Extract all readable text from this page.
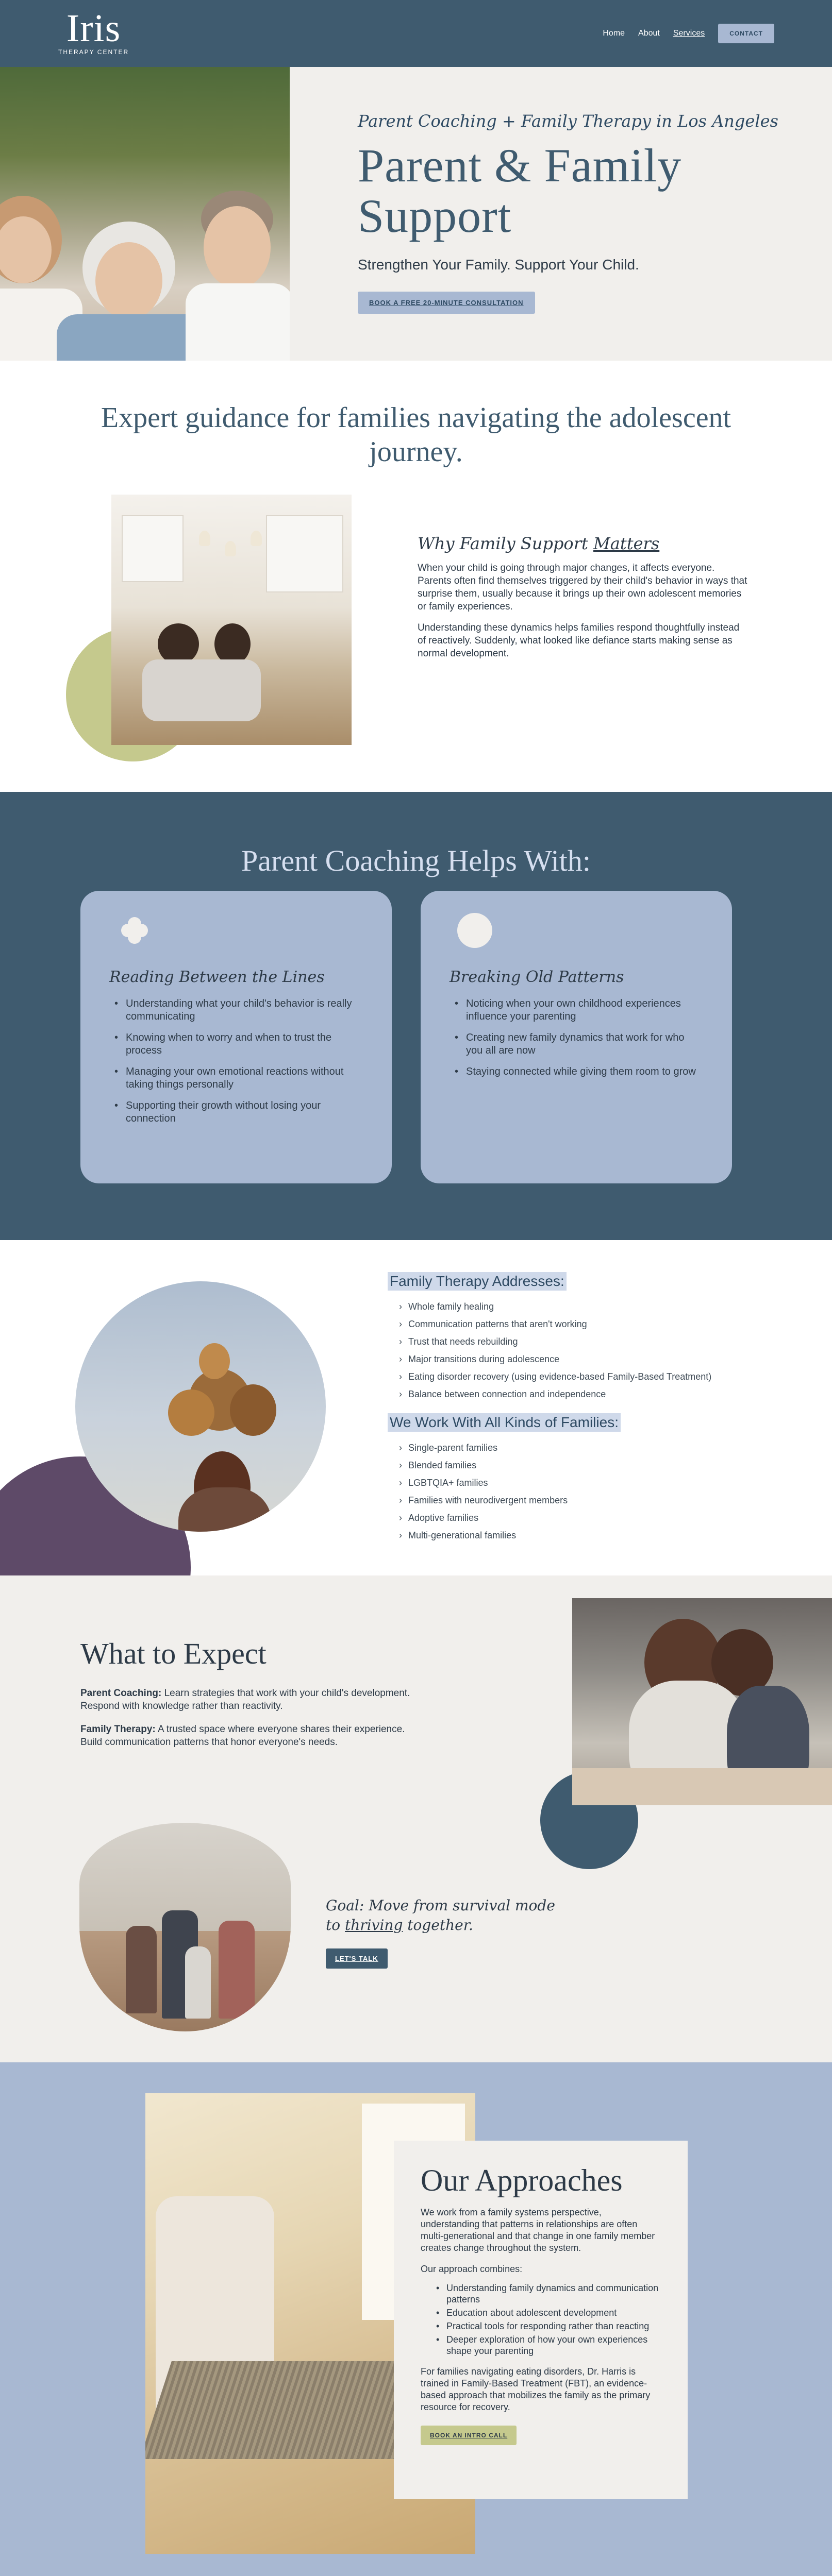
Iris
THERAPY CENTER
Home About Services	CONTACT
Parent Coaching + Family Therapy in Los Angeles
Parent & Family Support
Strengthen Your Family. Support Your Child.
BOOK A FREE 20-MINUTE CONSULTATION
Expert guidance for families navigating the adolescent journey.
Why Family Support Matters

When your child is going through major changes, it affects everyone. Parents often find themselves triggered by their child's behavior in ways that surprise them, usually because it brings up their own adolescent memories or family experiences.

Understanding these dynamics helps families respond thoughtfully instead of reactively. Suddenly, what looked like defiance starts making sense as normal development.

Parent Coaching Helps With:
Reading Between the Lines
• Understanding what your child's behavior is really communicating
• Knowing when to worry and when to trust the process
• Managing your own emotional reactions without taking things personally
• Supporting their growth without losing your connection
Breaking Old Patterns
• Noticing when your own childhood experiences influence your parenting
• Creating new family dynamics that work for who you all are now
• Staying connected while giving them room to grow
Family Therapy Addresses:
› Whole family healing
› Communication patterns that aren't working
› Trust that needs rebuilding
› Major transitions during adolescence
› Eating disorder recovery (using evidence-based Family-Based Treatment)
› Balance between connection and independence
We Work With All Kinds of Families:
› Single-parent families
› Blended families
› LGBTQIA+ families
› Families with neurodivergent members
› Adoptive families
› Multi-generational families
What to Expect

Parent Coaching: Learn strategies that work with your child's development. Respond with knowledge rather than reactivity.

Family Therapy: A trusted space where everyone shares their experience. Build communication patterns that honor everyone's needs.

Goal: Move from survival mode
to thriving together.
LET'S TALK
Our Approaches

We work from a family systems perspective, understanding that patterns in relationships are often multi-generational and that change in one family member creates change throughout the system.

Our approach combines:

• Understanding family dynamics and communication patterns
• Education about adolescent development
• Practical tools for responding rather than reacting
• Deeper exploration of how your own experiences shape your parenting

For families navigating eating disorders, Dr. Harris is trained in Family-Based Treatment (FBT), an evidence-based approach that mobilizes the family as the primary resource for recovery.

BOOK AN INTRO CALL
